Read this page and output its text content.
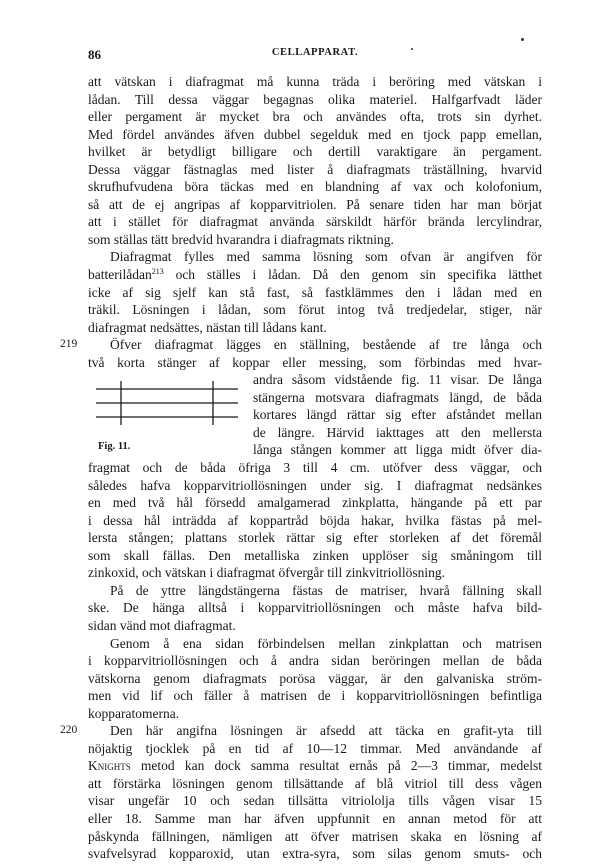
86	CELLAPPARAT.
att vätskan i diafragmat må kunna träda i beröring med vätskan i
lådan. Till dessa väggar begagnas olika materiel. Halfgarfvadt läder
eller pergament är mycket bra och användes ofta, trots sin dyrhet.
Med fördel användes äfven dubbel segelduk med en tjock papp emellan,
hvilket är betydligt billigare och dertill varaktigare än pergament.
Dessa väggar fästnaglas med lister å diafragmats träställning, hvarvid
skrufhufvudena böra täckas med en blandning af vax och kolofonium,
så att de ej angripas af kopparvitriolen. På senare tiden har man börjat
att i stället för diafragmat använda särskildt härför brända lercylindrar,
som ställas tätt bredvid hvarandra i diafragmats riktning.
Diafragmat fylles med samma lösning som ofvan är angifven för
batterilådan$^{213}$ och ställes i lådan. Då den genom sin specifika lätthet
icke af sig sjelf kan stå fast, så fastklämmes den i lådan med en
träkil. Lösningen i lådan, som förut intog två tredjedelar, stiger, när
diafragmat nedsättes, nästan till lådans kant.
219 Öfver diafragmat lägges en ställning, bestående af tre långa och
två korta stänger af koppar eller messing, som förbindas med hvar-
andra såsom vidstående fig. 11 visar. De långa
stängerna motsvara diafragmats längd, de båda
kortares längd rättar sig efter afståndet mellan
de längre. Härvid iakttages att den mellersta
långa stången kommer att ligga midt öfver dia-
fragmat och de båda öfriga 3 till 4 cm. utöfver dess väggar, och
således hafva kopparvitriollösningen under sig. I diafragmat nedsänkes
en med två hål försedd amalgamerad zinkplatta, hängande på ett par
i dessa hål inträdda af koppartråd böjda hakar, hvilka fästas på mel-
lersta stången; plattans storlek rättar sig efter storleken af det föremål
som skall fällas. Den metalliska zinken upplöser sig småningom till
zinkoxid, och vätskan i diafragmat öfvergår till zinkvitriollösning.
Fig. 11.
På de yttre längdstängerna fästas de matriser, hvarå fällning skall
ske. De hänga alltså i kopparvitriollösningen och måste hafva bild-
sidan vänd mot diafragmat.
Genom å ena sidan förbindelsen mellan zinkplattan och matrisen
i kopparvitriollösningen och å andra sidan beröringen mellan de båda
vätskorna genom diafragmats porösa väggar, är den galvaniska ström-
men vid lif och fäller å matrisen de i kopparvitriollösningen befintliga
kopparatomerna.
220 Den här angifna lösningen är afsedd att täcka en grafit-yta till
nöjaktig tjocklek på en tid af 10—12 timmar. Med användande af
Knights metod kan dock samma resultat ernås på 2—3 timmar, medelst
att förstärka lösningen genom tillsättande af blå vitriol till dess vågen
visar ungefär 10 och sedan tillsätta vitriololja tills vågen visar 15
eller 18. Samme man har äfven uppfunnit en annan metod för att
påskynda fällningen, nämligen att öfver matrisen skaka en lösning af
svafvelsyrad kopparoxid, utan extra-syra, som silas genom smuts- och
